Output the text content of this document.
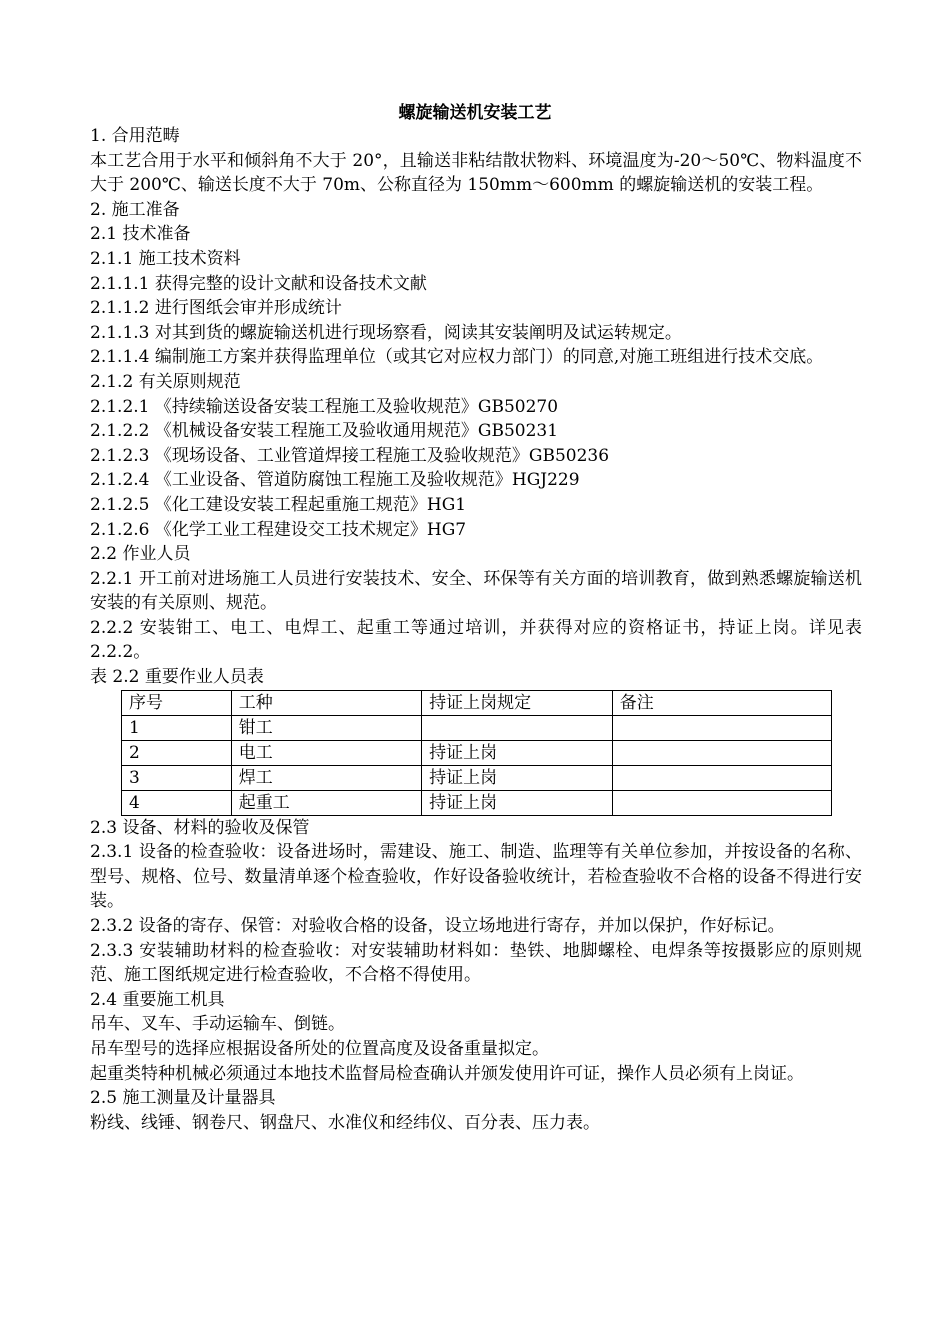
螺旋输送机安装工艺
1. 合用范畴
本工艺合用于水平和倾斜角不大于 20°，且输送非粘结散状物料、环境温度为-20～50℃、物料温度不大于 200℃、输送长度不大于 70m、公称直径为 150mm～600mm 的螺旋输送机的安装工程。
2. 施工准备
2.1 技术准备
2.1.1 施工技术资料
2.1.1.1 获得完整的设计文献和设备技术文献
2.1.1.2 进行图纸会审并形成统计
2.1.1.3 对其到货的螺旋输送机进行现场察看，阅读其安装阐明及试运转规定。
2.1.1.4 编制施工方案并获得监理单位（或其它对应权力部门）的同意,对施工班组进行技术交底。
2.1.2 有关原则规范
2.1.2.1 《持续输送设备安装工程施工及验收规范》GB50270
2.1.2.2 《机械设备安装工程施工及验收通用规范》GB50231
2.1.2.3 《现场设备、工业管道焊接工程施工及验收规范》GB50236
2.1.2.4 《工业设备、管道防腐蚀工程施工及验收规范》HGJ229
2.1.2.5 《化工建设安装工程起重施工规范》HG1
2.1.2.6 《化学工业工程建设交工技术规定》HG7
2.2 作业人员
2.2.1 开工前对进场施工人员进行安装技术、安全、环保等有关方面的培训教育，做到熟悉螺旋输送机安装的有关原则、规范。
2.2.2 安装钳工、电工、电焊工、起重工等通过培训，并获得对应的资格证书，持证上岗。详见表 2.2.2。
表 2.2 重要作业人员表
序号	工种	持证上岗规定	备注
1	钳工		
2	电工	持证上岗	
3	焊工	持证上岗	
4	起重工	持证上岗	
2.3 设备、材料的验收及保管
2.3.1 设备的检查验收：设备进场时，需建设、施工、制造、监理等有关单位参加，并按设备的名称、型号、规格、位号、数量清单逐个检查验收，作好设备验收统计，若检查验收不合格的设备不得进行安装。
2.3.2 设备的寄存、保管：对验收合格的设备，设立场地进行寄存，并加以保护，作好标记。
2.3.3 安装辅助材料的检查验收：对安装辅助材料如：垫铁、地脚螺栓、电焊条等按摄影应的原则规范、施工图纸规定进行检查验收，不合格不得使用。
2.4 重要施工机具
吊车、叉车、手动运输车、倒链。
吊车型号的选择应根据设备所处的位置高度及设备重量拟定。
起重类特种机械必须通过本地技术监督局检查确认并颁发使用许可证，操作人员必须有上岗证。
2.5 施工测量及计量器具
粉线、线锤、钢卷尺、钢盘尺、水准仪和经纬仪、百分表、压力表。
